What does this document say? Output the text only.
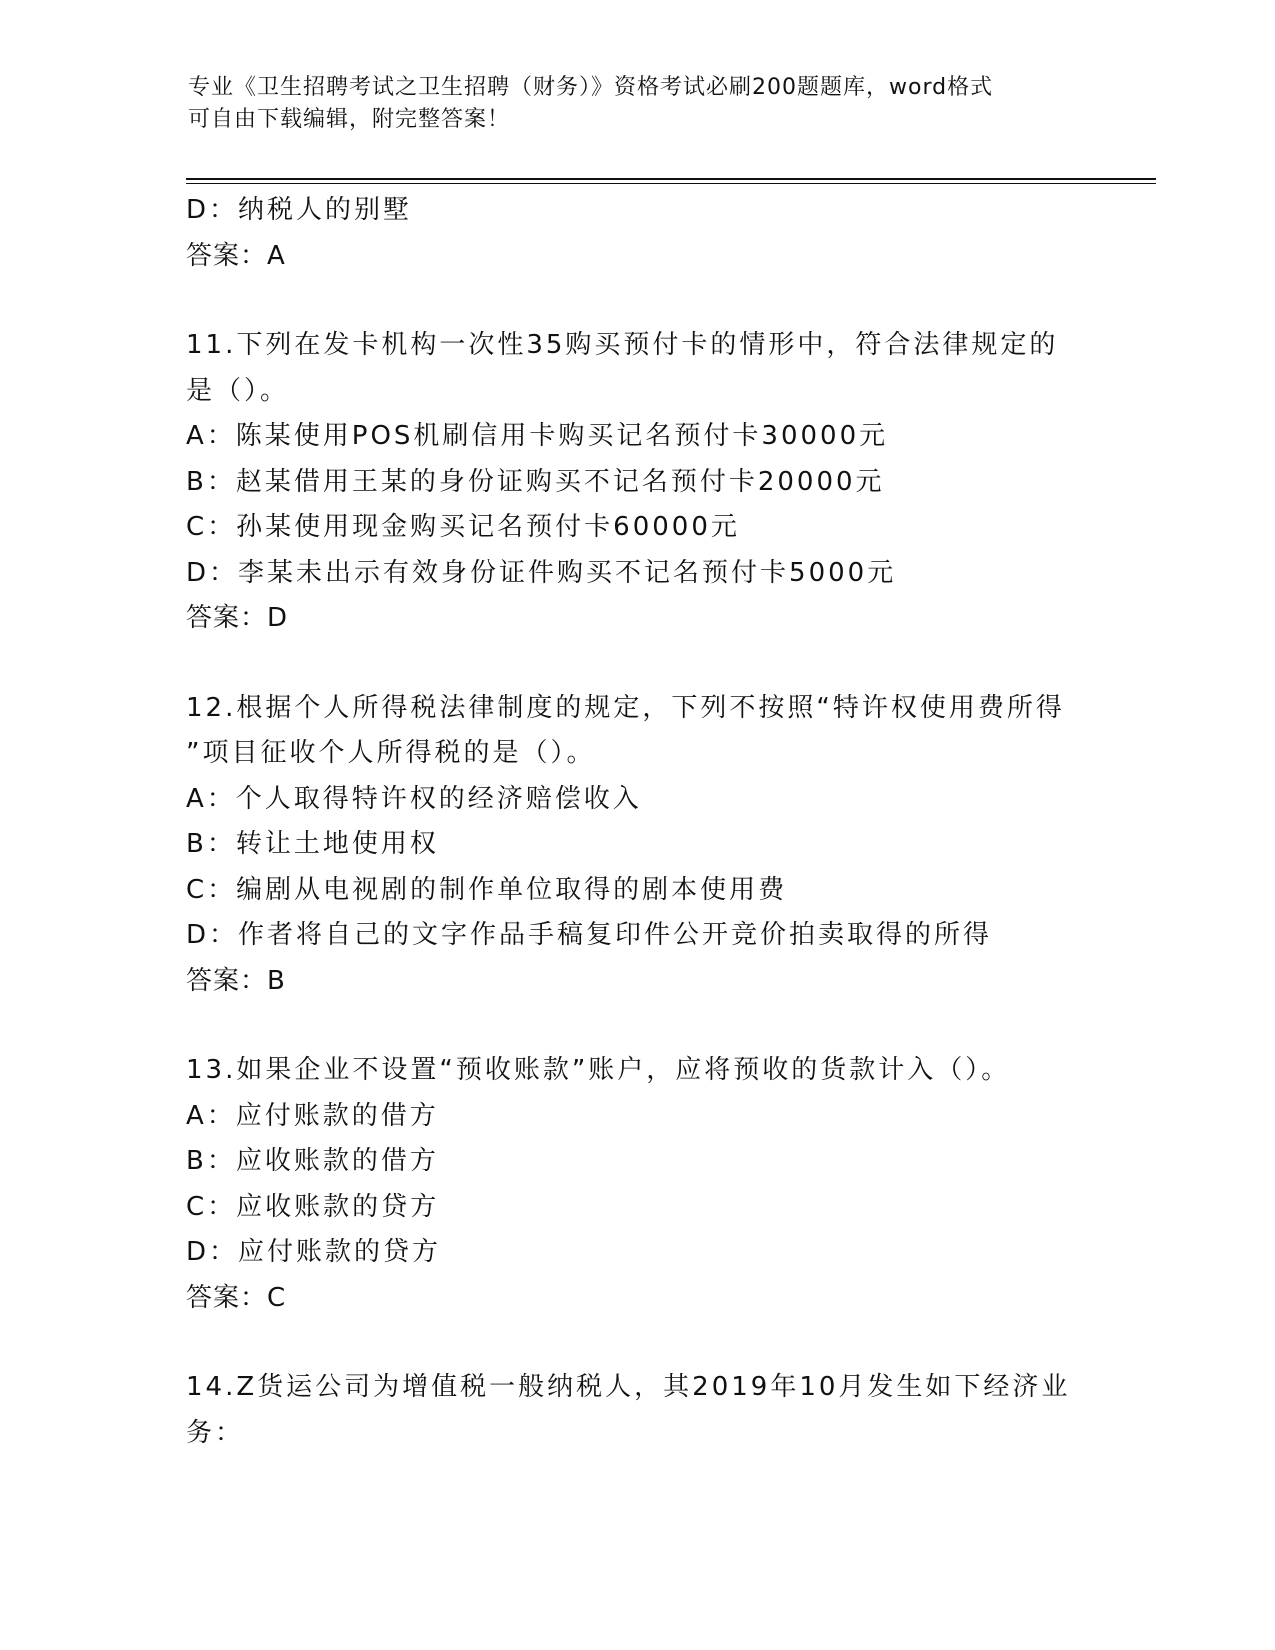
专业《卫生招聘考试之卫生招聘（财务）》资格考试必刷200题题库，word格式
可自由下载编辑，附完整答案！
D：纳税人的别墅
答案：A
11.下列在发卡机构一次性35购买预付卡的情形中，符合法律规定的
是（）。
A：陈某使用POS机刷信用卡购买记名预付卡30000元
B：赵某借用王某的身份证购买不记名预付卡20000元
C：孙某使用现金购买记名预付卡60000元
D：李某未出示有效身份证件购买不记名预付卡5000元
答案：D
12.根据个人所得税法律制度的规定，下列不按照“特许权使用费所得
”项目征收个人所得税的是（）。
A：个人取得特许权的经济赔偿收入
B：转让土地使用权
C：编剧从电视剧的制作单位取得的剧本使用费
D：作者将自己的文字作品手稿复印件公开竞价拍卖取得的所得
答案：B
13.如果企业不设置“预收账款”账户，应将预收的货款计入（）。
A：应付账款的借方
B：应收账款的借方
C：应收账款的贷方
D：应付账款的贷方
答案：C
14.Z货运公司为增值税一般纳税人，其2019年10月发生如下经济业
务：
